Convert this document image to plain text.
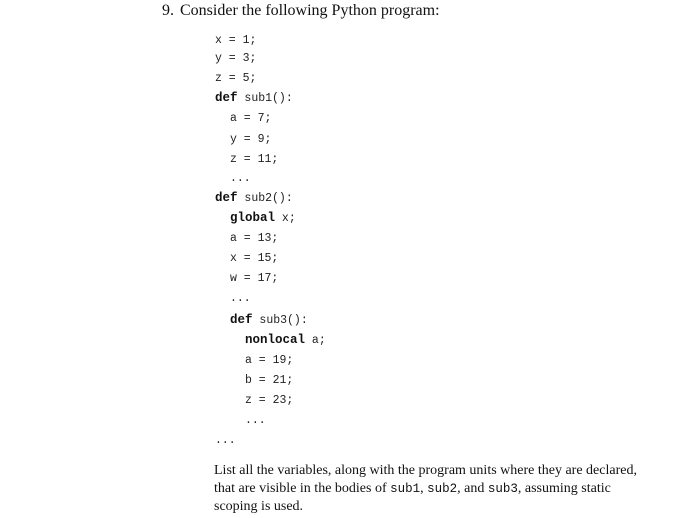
9. Consider the following Python program:
x = 1;
y = 3;
z = 5;
def sub1():
a = 7;
y = 9;
z = 11;
...
def sub2():
global x;
a = 13;
x = 15;
w = 17;
...
def sub3():
nonlocal a;
a = 19;
b = 21;
z = 23;
...
...
List all the variables, along with the program units where they are declared, that are visible in the bodies of sub1, sub2, and sub3, assuming static scoping is used.
